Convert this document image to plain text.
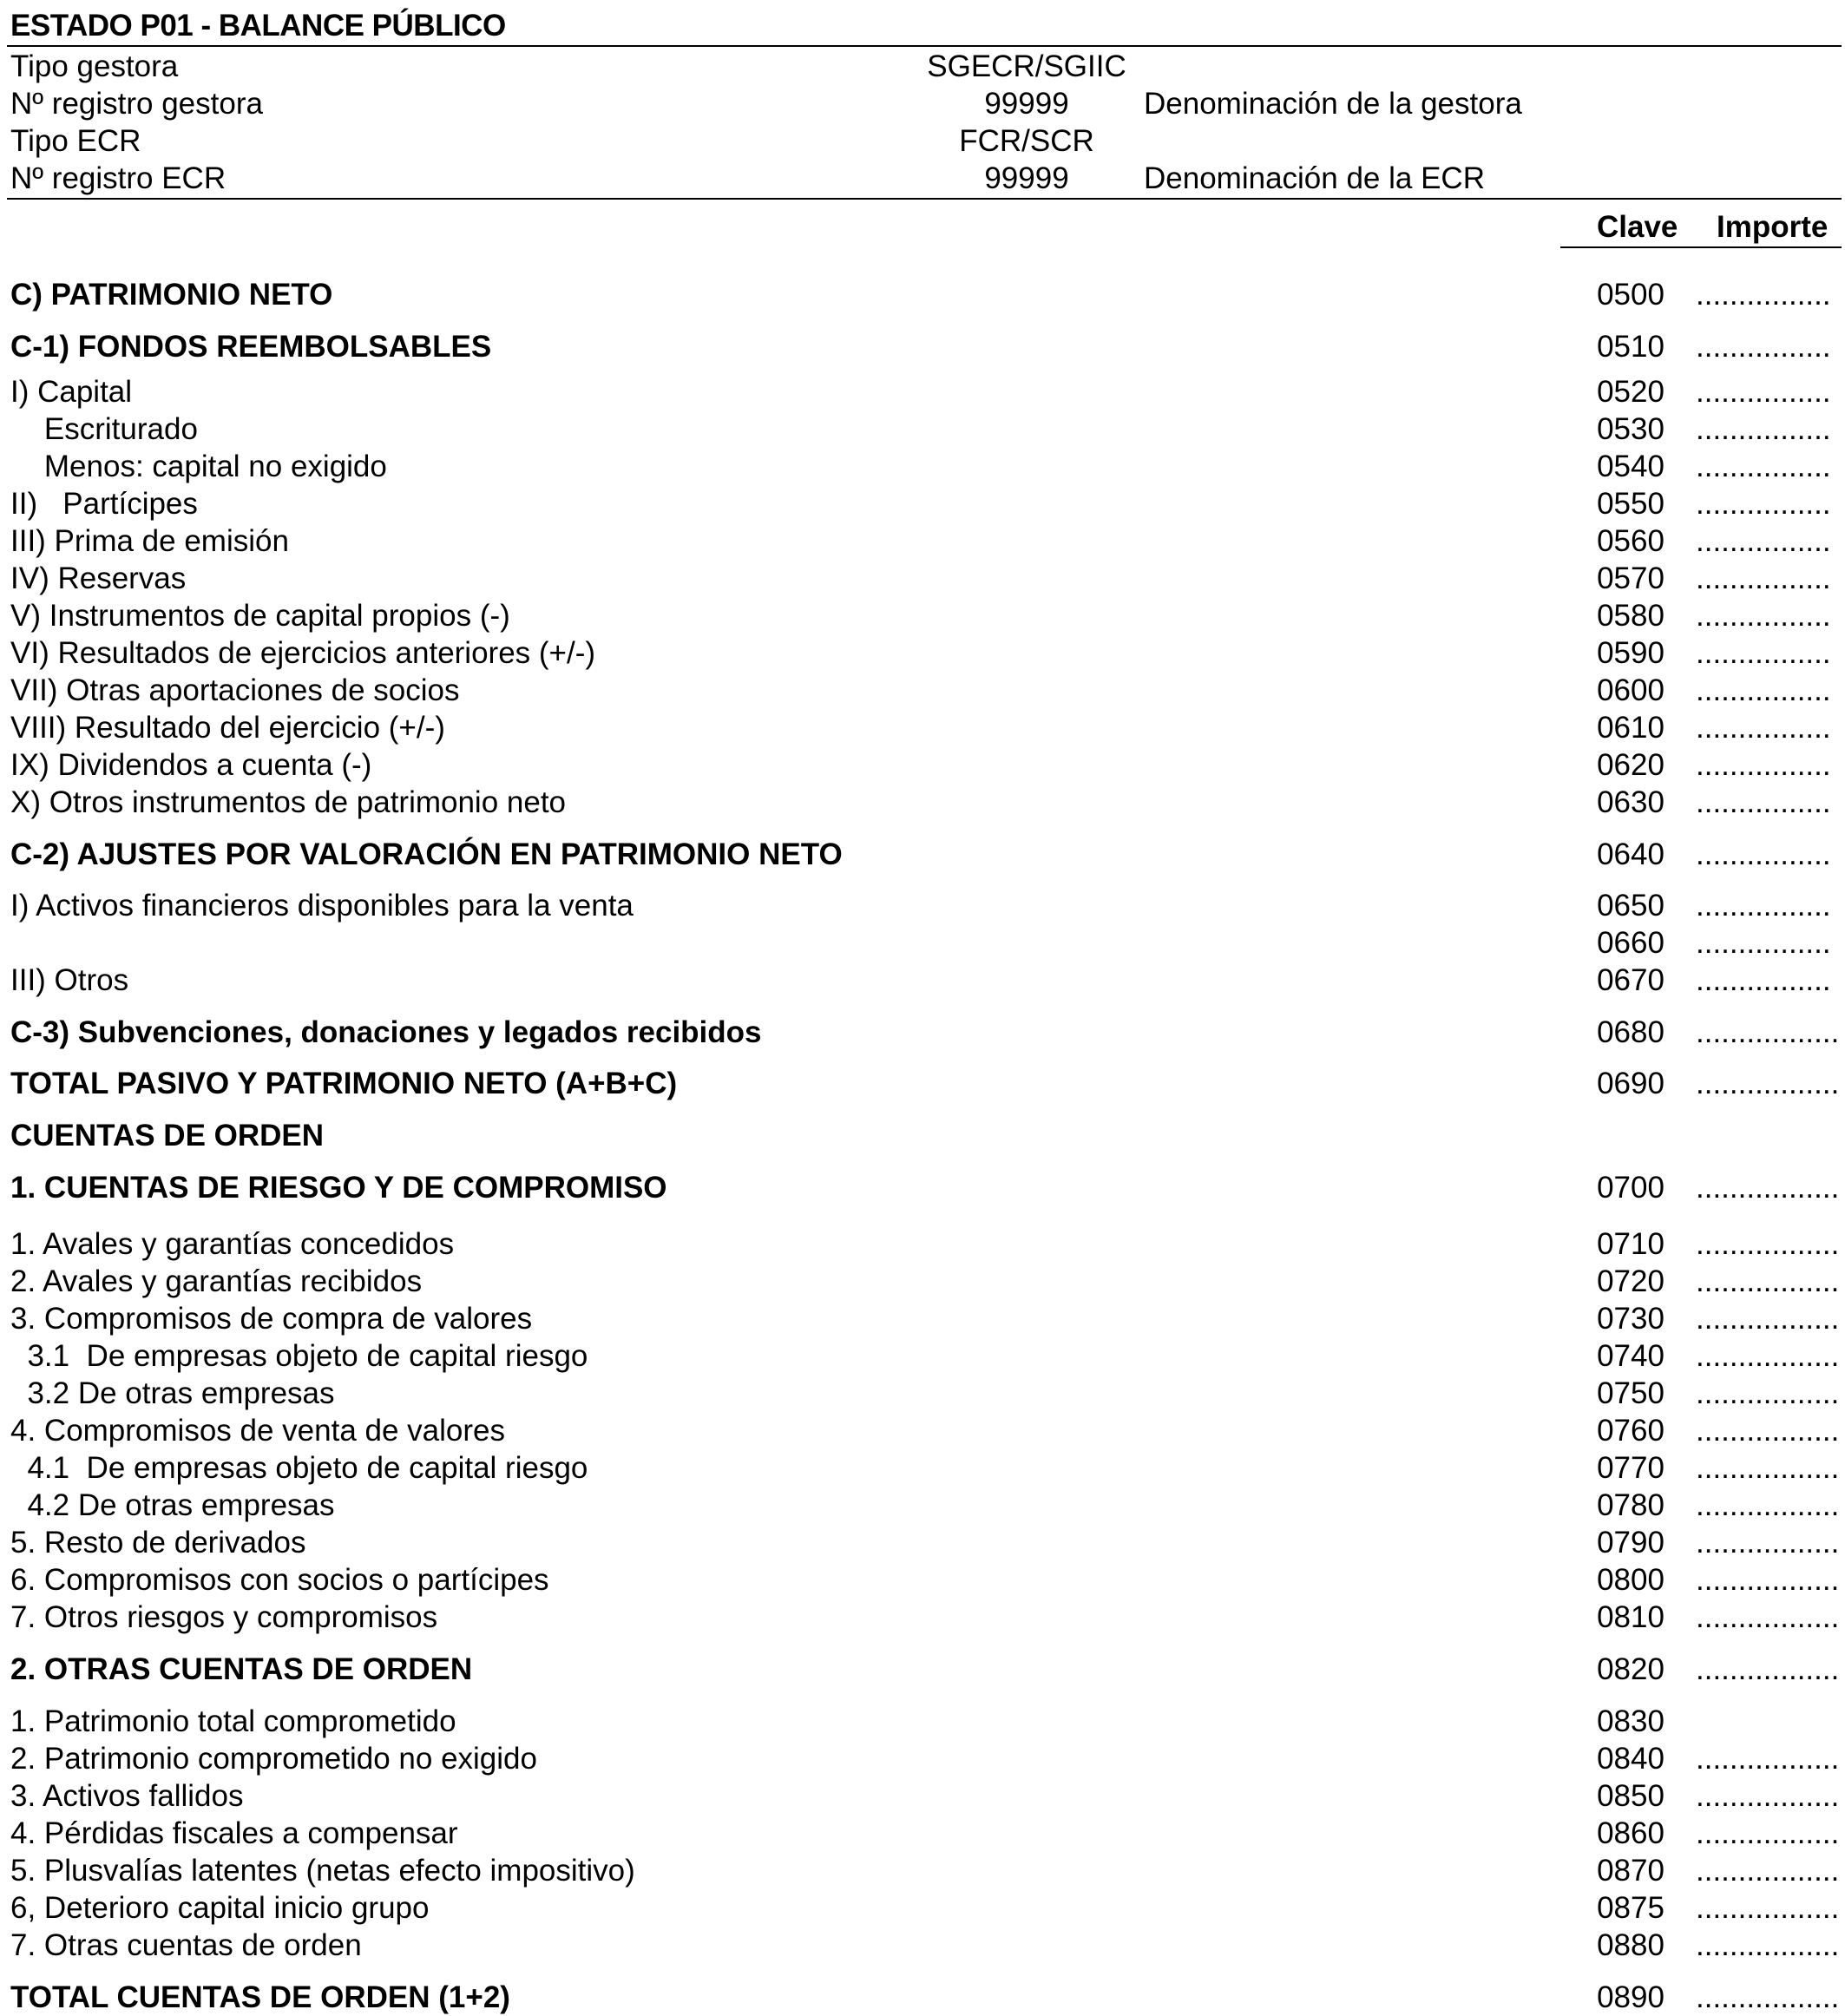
ESTADO P01 - BALANCE PÚBLICO
Tipo gestora	SGECR/SGIIC
Nº registro gestora	99999	Denominación de la gestora
Tipo ECR	FCR/SCR
Nº registro ECR	99999	Denominación de la ECR
Clave Importe
C) PATRIMONIO NETO	0500 ................
C-1) FONDOS REEMBOLSABLES	0510 ................
I) Capital	0520 ................
Escriturado	0530 ................
Menos: capital no exigido	0540 ................
II)   Partícipes	0550 ................
III) Prima de emisión	0560 ................
IV) Reservas	0570 ................
V) Instrumentos de capital propios (-)	0580 ................
VI) Resultados de ejercicios anteriores (+/-)	0590 ................
VII) Otras aportaciones de socios	0600 ................
VIII) Resultado del ejercicio (+/-)	0610 ................
IX) Dividendos a cuenta (-)	0620 ................
X) Otros instrumentos de patrimonio neto	0630 ................
C-2) AJUSTES POR VALORACIÓN EN PATRIMONIO NETO	0640 ................
I) Activos financieros disponibles para la venta	0650 ................
0660 ................
III) Otros	0670 ................
C-3) Subvenciones, donaciones y legados recibidos	0680 .................
TOTAL PASIVO Y PATRIMONIO NETO (A+B+C)	0690 .................
CUENTAS DE ORDEN
1. CUENTAS DE RIESGO Y DE COMPROMISO	0700 .................
1. Avales y garantías concedidos	0710 .................
2. Avales y garantías recibidos	0720 .................
3. Compromisos de compra de valores	0730 .................
3.1  De empresas objeto de capital riesgo	0740 .................
3.2 De otras empresas	0750 .................
4. Compromisos de venta de valores	0760 .................
4.1  De empresas objeto de capital riesgo	0770 .................
4.2 De otras empresas	0780 .................
5. Resto de derivados	0790 .................
6. Compromisos con socios o partícipes	0800 .................
7. Otros riesgos y compromisos	0810 .................
2. OTRAS CUENTAS DE ORDEN	0820 .................
1. Patrimonio total comprometido	0830
2. Patrimonio comprometido no exigido	0840 .................
3. Activos fallidos	0850 .................
4. Pérdidas fiscales a compensar	0860 .................
5. Plusvalías latentes (netas efecto impositivo)	0870 .................
6, Deterioro capital inicio grupo	0875 .................
7. Otras cuentas de orden	0880 .................
TOTAL CUENTAS DE ORDEN (1+2)	0890 .................
